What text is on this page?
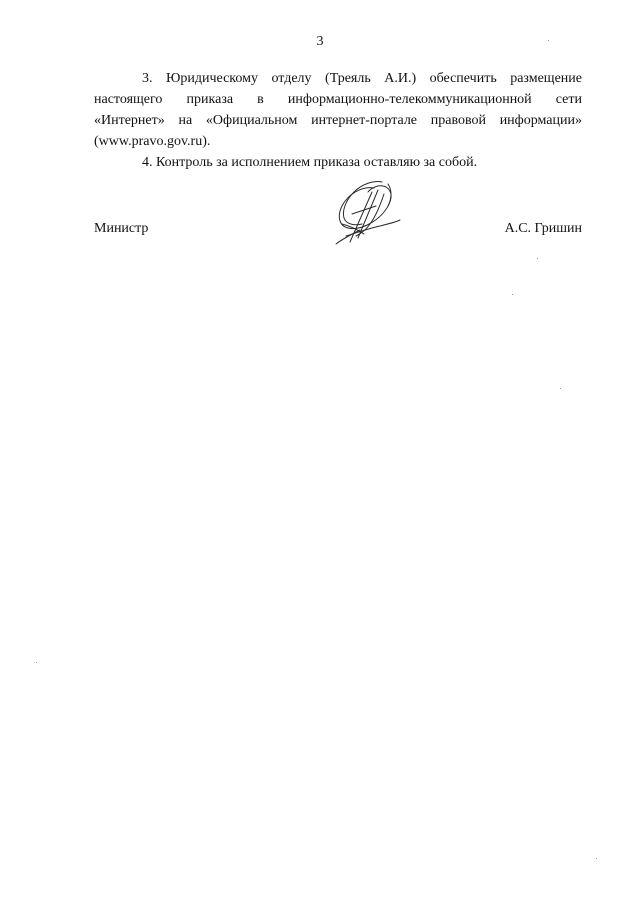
3

3. Юридическому отделу (Трeяль А.И.) обеспечить размещение
настоящего приказа в информационно-телекоммуникационной сети
«Интернет» на «Официальном интернет-портале правовой информации»
(www.pravo.gov.ru).

4. Контроль за исполнением приказа оставляю за собой.

Министр	А.С. Гришин
